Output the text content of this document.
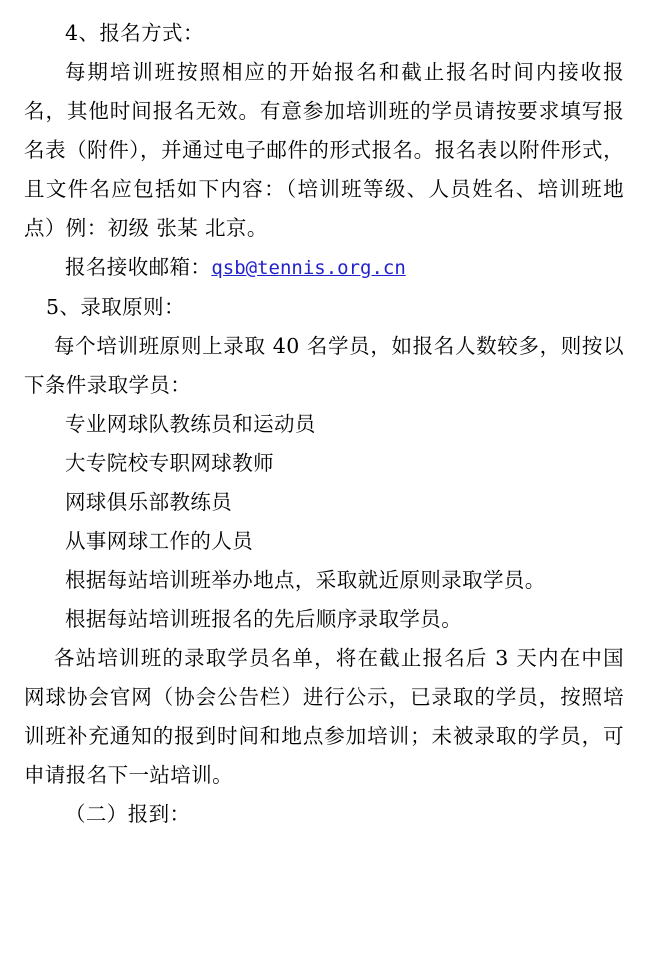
4、报名方式：

每期培训班按照相应的开始报名和截止报名时间内接收报名，其他时间报名无效。有意参加培训班的学员请按要求填写报名表（附件），并通过电子邮件的形式报名。报名表以附件形式，且文件名应包括如下内容：（培训班等级、人员姓名、培训班地点）例：初级 张某 北京。

报名接收邮箱：qsb@tennis.org.cn

5、录取原则：

每个培训班原则上录取 40 名学员，如报名人数较多，则按以下条件录取学员：

专业网球队教练员和运动员

大专院校专职网球教师

网球俱乐部教练员

从事网球工作的人员

根据每站培训班举办地点，采取就近原则录取学员。

根据每站培训班报名的先后顺序录取学员。

各站培训班的录取学员名单，将在截止报名后 3 天内在中国网球协会官网（协会公告栏）进行公示，已录取的学员，按照培训班补充通知的报到时间和地点参加培训；未被录取的学员，可申请报名下一站培训。

（二）报到：
